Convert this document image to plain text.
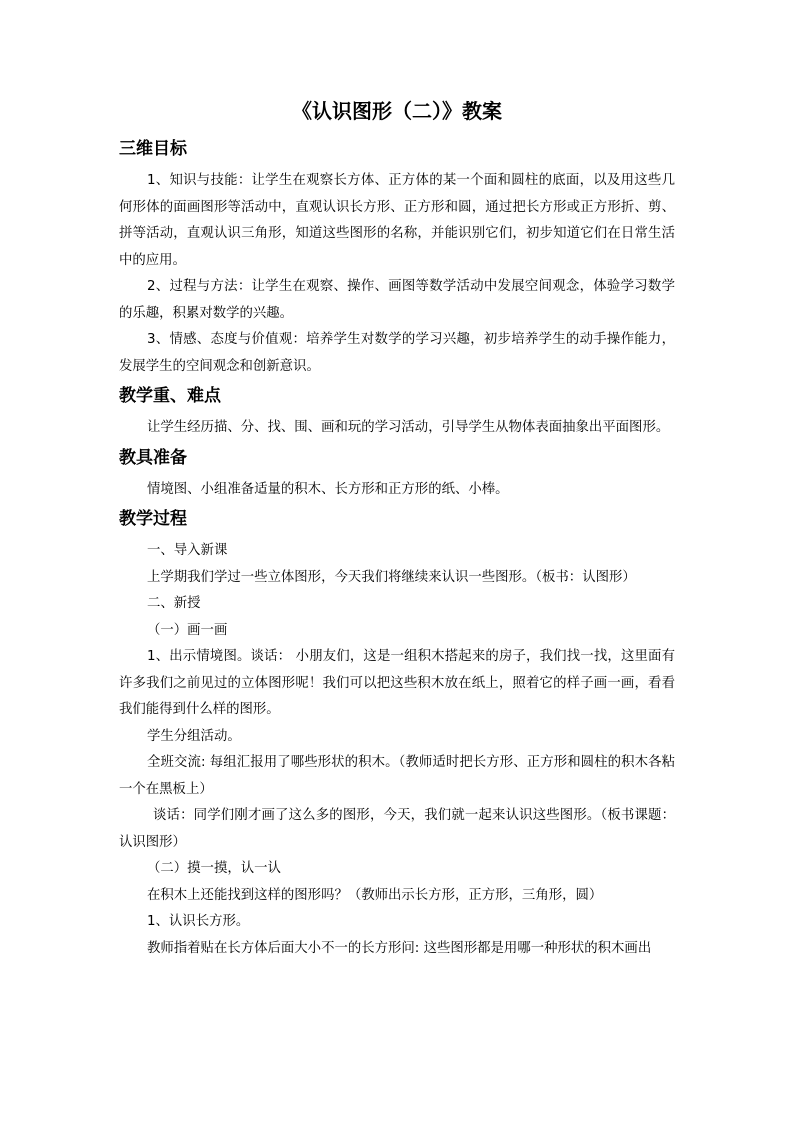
《认识图形（二）》教案
三维目标

1、知识与技能：让学生在观察长方体、正方体的某一个面和圆柱的底面，以及用这些几何形体的面画图形等活动中，直观认识长方形、正方形和圆，通过把长方形或正方形折、剪、拼等活动，直观认识三角形，知道这些图形的名称，并能识别它们，初步知道它们在日常生活中的应用。

2、过程与方法：让学生在观察、操作、画图等数学活动中发展空间观念，体验学习数学的乐趣，积累对数学的兴趣。

3、情感、态度与价值观：培养学生对数学的学习兴趣，初步培养学生的动手操作能力，发展学生的空间观念和创新意识。

教学重、难点

让学生经历描、分、找、围、画和玩的学习活动，引导学生从物体表面抽象出平面图形。

教具准备

情境图、小组准备适量的积木、长方形和正方形的纸、小棒。

教学过程

一、导入新课

上学期我们学过一些立体图形，今天我们将继续来认识一些图形。（板书：认图形）

二、新授

（一）画一画

1、出示情境图。谈话： 小朋友们，这是一组积木搭起来的房子，我们找一找，这里面有许多我们之前见过的立体图形呢！我们可以把这些积木放在纸上，照着它的样子画一画，看看我们能得到什么样的图形。

学生分组活动。

全班交流: 每组汇报用了哪些形状的积木。（教师适时把长方形、正方形和圆柱的积木各粘一个在黑板上）

谈话：同学们刚才画了这么多的图形，今天，我们就一起来认识这些图形。（板书课题：认识图形）

（二）摸一摸，认一认

在积木上还能找到这样的图形吗？（教师出示长方形，正方形，三角形，圆）

1、认识长方形。

教师指着贴在长方体后面大小不一的长方形问: 这些图形都是用哪一种形状的积木画出
